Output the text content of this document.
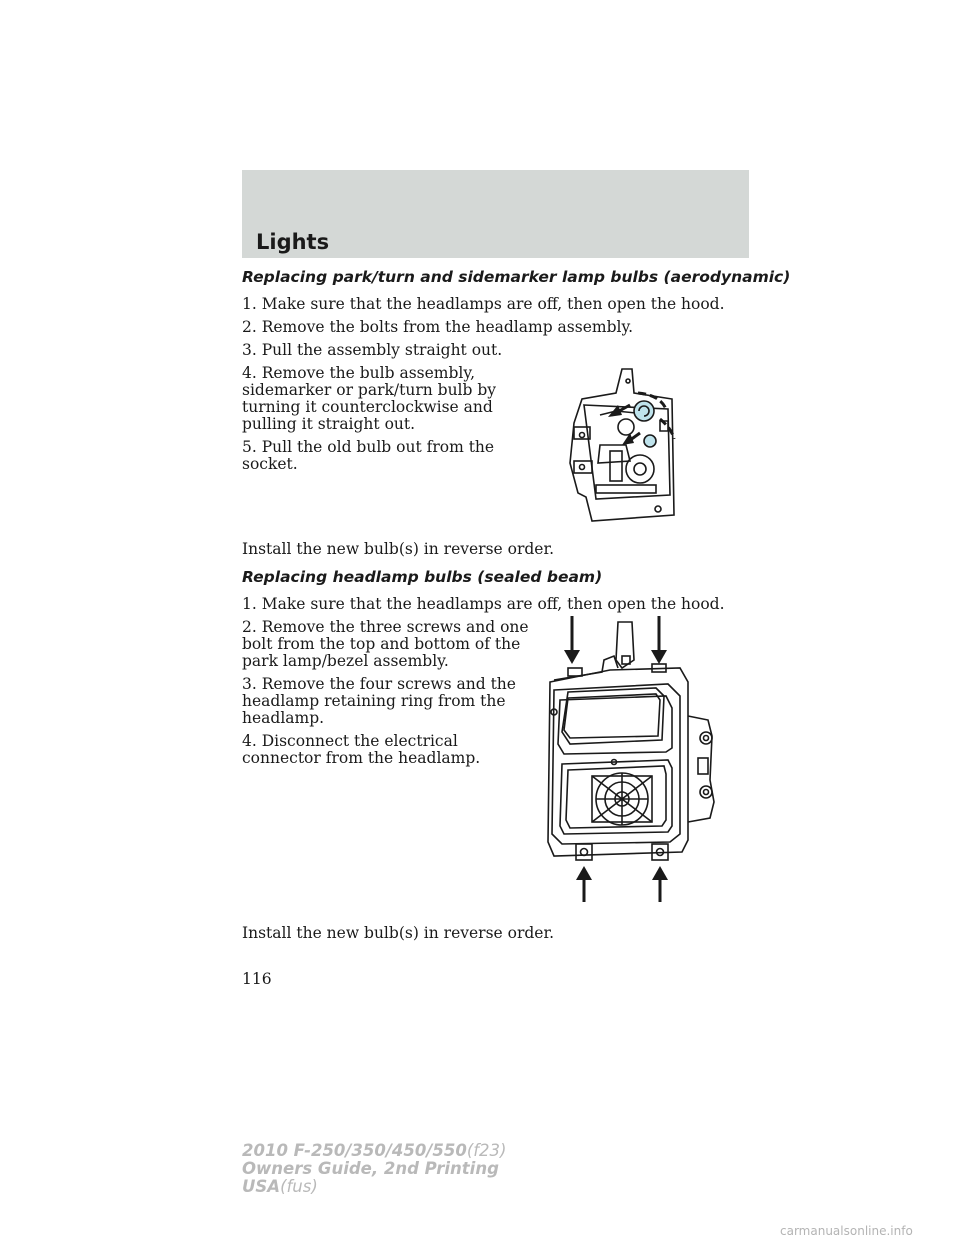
Lights
Replacing park/turn and sidemarker lamp bulbs (aerodynamic)

1. Make sure that the headlamps are off, then open the hood.

2. Remove the bolts from the headlamp assembly.

3. Pull the assembly straight out.

4. Remove the bulb assembly,

sidemarker or park/turn bulb by

turning it counterclockwise and

pulling it straight out.

5. Pull the old bulb out from the

socket.

Install the new bulb(s) in reverse order.

Replacing headlamp bulbs (sealed beam)

1. Make sure that the headlamps are off, then open the hood.

2. Remove the three screws and one

bolt from the top and bottom of the

park lamp/bezel assembly.

3. Remove the four screws and the

headlamp retaining ring from the

headlamp.

4. Disconnect the electrical

connector from the headlamp.

Install the new bulb(s) in reverse order.

116
2010 F-250/350/450/550(f23)
Owners Guide, 2nd Printing
USA(fus)
carmanualsonline.info
